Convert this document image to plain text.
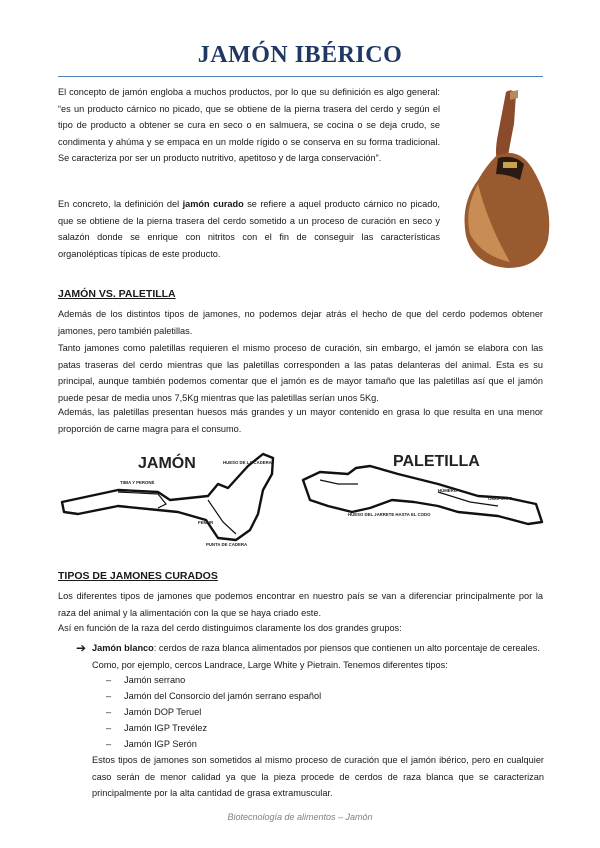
JAMÓN IBÉRICO

El concepto de jamón engloba a muchos productos, por lo que su definición es algo general: “es un producto cárnico no picado, que se obtiene de la pierna trasera del cerdo y según el tipo de producto a obtener se cura en seco o en salmuera, se cocina o se deja crudo, se condimenta y ahúma y se empaca en un molde rígido o se conserva en su forma tradicional. Se caracteriza por ser un producto nutritivo, apetitoso y de larga conservación”.

En concreto, la definición del jamón curado se refiere a aquel producto cárnico no picado, que se obtiene de la pierna trasera del cerdo sometido a un proceso de curación en seco y salazón donde se enrique con nitritos con el fin de conseguir las características organolépticas típicas de este producto.

JAMÓN VS. PALETILLA

Además de los distintos tipos de jamones, no podemos dejar atrás el hecho de que del cerdo podemos obtener jamones, pero también paletillas.

Tanto jamones como paletillas requieren el mismo proceso de curación, sin embargo, el jamón se elabora con las patas traseras del cerdo mientras que las paletillas corresponden a las patas delanteras del animal. Esta es su principal, aunque también podemos comentar que el jamón es de mayor tamaño que las paletillas así que el jamón puede pesar de media unos 7,5Kg mientras que las paletillas serían unos 5Kg.

Además, las paletillas presentan huesos más grandes y un mayor contenido en grasa lo que resulta en una menor proporción de carne magra para el consumo.

JAMÓN	PALETILLA
TIBIA Y PERONÉ
HUESO DE LA CADERA
FEMUR
PUNTA DE CADERA
HÚMERO
OMOPLATO
HUESO DEL JARRETE HASTA EL CODO
TIPOS DE JAMONES CURADOS

Los diferentes tipos de jamones que podemos encontrar en nuestro país se van a diferenciar principalmente por la raza del animal y la alimentación con la que se haya criado este.

Así en función de la raza del cerdo distinguimos claramente los dos grandes grupos:

➔ Jamón blanco: cerdos de raza blanca alimentados por piensos que contienen un alto porcentaje de cereales. Como, por ejemplo, cercos Landrace, Large White y Pietrain. Tenemos diferentes tipos:

– Jamón serrano
– Jamón del Consorcio del jamón serrano español
– Jamón DOP Teruel
– Jamón IGP Trevélez
– Jamón IGP Serón

Estos tipos de jamones son sometidos al mismo proceso de curación que el jamón ibérico, pero en cualquier caso serán de menor calidad ya que la pieza procede de cerdos de raza blanca que se caracterizan principalmente por la alta cantidad de grasa extramuscular.

Biotecnología de alimentos – Jamón
